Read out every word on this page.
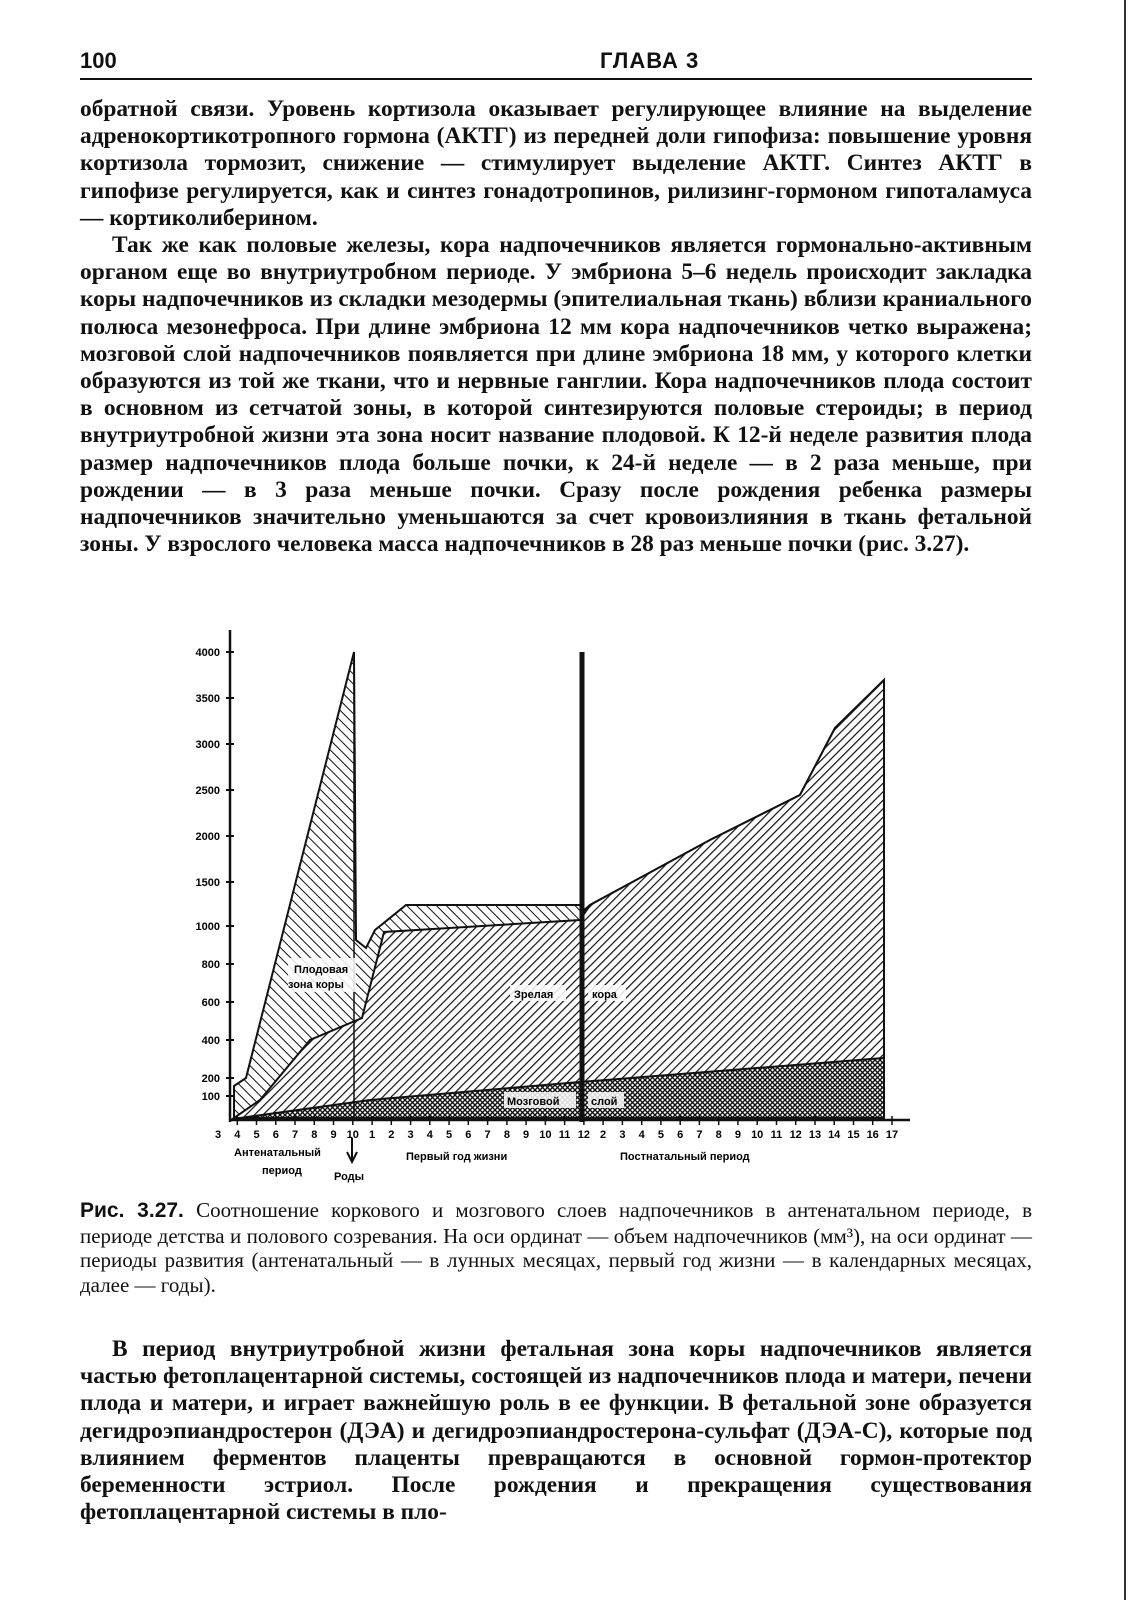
100	ГЛАВА 3

обратной связи. Уровень кортизола оказывает регулирующее влияние на выделение адренокортикотропного гормона (АКТГ) из передней доли гипофиза: повышение уровня кортизола тормозит, снижение — стимулирует выделение АКТГ. Синтез АКТГ в гипофизе регулируется, как и синтез гонадотропинов, рилизинг-гормоном гипоталамуса — кортиколиберином.

Так же как половые железы, кора надпочечников является гормонально-активным органом еще во внутриутробном периоде. У эмбриона 5–6 недель происходит закладка коры надпочечников из складки мезодермы (эпителиальная ткань) вблизи краниального полюса мезонефроса. При длине эмбриона 12 мм кора надпочечников четко выражена; мозговой слой надпочечников появляется при длине эмбриона 18 мм, у которого клетки образуются из той же ткани, что и нервные ганглии. Кора надпочечников плода состоит в основном из сетчатой зоны, в которой синтезируются половые стероиды; в период внутриутробной жизни эта зона носит название плодовой. К 12-й неделе развития плода размер надпочечников плода больше почки, к 24-й неделе — в 2 раза меньше, при рождении — в 3 раза меньше почки. Сразу после рождения ребенка размеры надпочечников значительно уменьшаются за счет кровоизлияния в ткань фетальной зоны. У взрослого человека масса надпочечников в 28 раз меньше почки (рис. 3.27).

4000
3500
3000
2500
2000
1500
1000
800
600
400
200
100
3 4 5 6 7 8 9 10 1 2 3 4 5 6 7 8 9 10 11 12 2 3 4 5 6 7 8 9 10 11 12 13 14 15 16 17
Плодовая
зона коры
Зрелая	кора
Мозговой	слой
Антенатальный
период	Роды
Первый год жизни	Постнатальный период

Рис. 3.27. Соотношение коркового и мозгового слоев надпочечников в антенатальном периоде, в периоде детства и полового созревания. На оси ординат — объем надпочечников (мм³), на оси ординат — периоды развития (антенатальный — в лунных месяцах, первый год жизни — в календарных месяцах, далее — годы).

В период внутриутробной жизни фетальная зона коры надпочечников является частью фетоплацентарной системы, состоящей из надпочечников плода и матери, печени плода и матери, и играет важнейшую роль в ее функции. В фетальной зоне образуется дегидроэпиандростерон (ДЭА) и дегидроэпиандростерона-сульфат (ДЭА-С), которые под влиянием ферментов плаценты превращаются в основной гормон-протектор беременности эстриол. После рождения и прекращения существования фетоплацентарной системы в пло-
